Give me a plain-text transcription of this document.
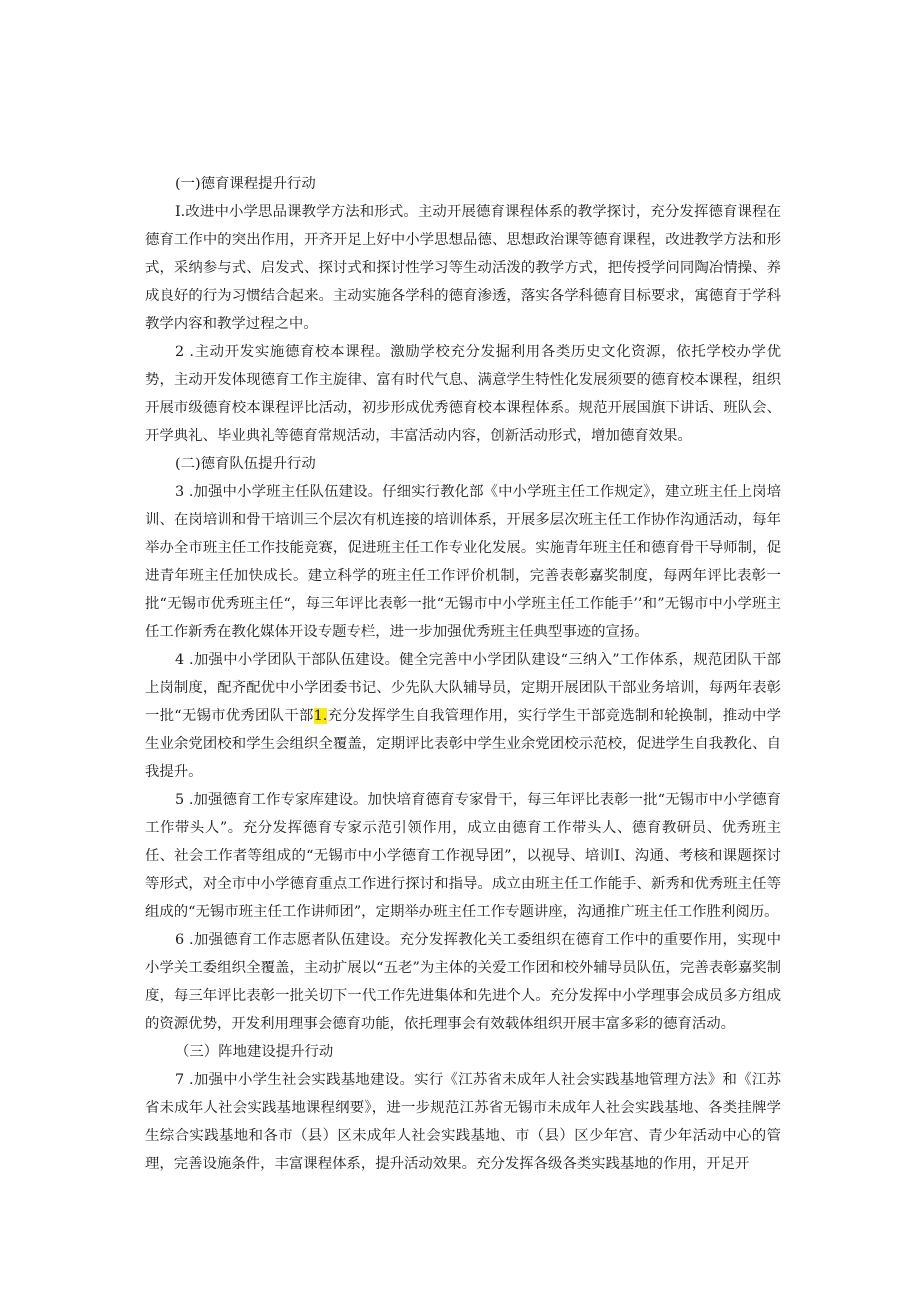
(一)德育课程提升行动

I.改进中小学思品课教学方法和形式。主动开展德育课程体系的教学探讨，充分发挥德育课程在德育工作中的突出作用，开齐开足上好中小学思想品德、思想政治课等德育课程，改进教学方法和形式，采纳参与式、启发式、探讨式和探讨性学习等生动活泼的教学方式，把传授学问同陶冶情操、养成良好的行为习惯结合起来。主动实施各学科的德育渗透，落实各学科德育目标要求，寓德育于学科教学内容和教学过程之中。

2 .主动开发实施德育校本课程。激励学校充分发掘利用各类历史文化资源，依托学校办学优势，主动开发体现德育工作主旋律、富有时代气息、满意学生特性化发展须要的德育校本课程，组织开展市级德育校本课程评比活动，初步形成优秀德育校本课程体系。规范开展国旗下讲话、班队会、开学典礼、毕业典礼等德育常规活动，丰富活动内容，创新活动形式，增加德育效果。

(二)德育队伍提升行动

3 .加强中小学班主任队伍建设。仔细实行教化部《中小学班主任工作规定》，建立班主任上岗培训、在岗培训和骨干培训三个层次有机连接的培训体系，开展多层次班主任工作协作沟通活动，每年举办全市班主任工作技能竞赛，促进班主任工作专业化发展。实施青年班主任和德育骨干导师制，促进青年班主任加快成长。建立科学的班主任工作评价机制，完善表彰嘉奖制度，每两年评比表彰一批“无锡市优秀班主任“，每三年评比表彰一批“无锡市中小学班主任工作能手’’和”无锡市中小学班主任工作新秀在教化媒体开设专题专栏，进一步加强优秀班主任典型事迹的宣扬。

4 .加强中小学团队干部队伍建设。健全完善中小学团队建设“三纳入”工作体系，规范团队干部上岗制度，配齐配优中小学团委书记、少先队大队辅导员，定期开展团队干部业务培训，每两年表彰一批“无锡市优秀团队干部1.充分发挥学生自我管理作用，实行学生干部竞选制和轮换制，推动中学生业余党团校和学生会组织全覆盖，定期评比表彰中学生业余党团校示范校，促进学生自我教化、自我提升。

5 .加强德育工作专家库建设。加快培育德育专家骨干，每三年评比表彰一批“无锡市中小学德育工作带头人”。充分发挥德育专家示范引领作用，成立由德育工作带头人、德育教研员、优秀班主任、社会工作者等组成的“无锡市中小学德育工作视导团”，以视导、培训I、沟通、考核和课题探讨等形式，对全市中小学德育重点工作进行探讨和指导。成立由班主任工作能手、新秀和优秀班主任等组成的“无锡市班主任工作讲师团”，定期举办班主任工作专题讲座，沟通推广班主任工作胜利阅历。

6 .加强德育工作志愿者队伍建设。充分发挥教化关工委组织在德育工作中的重要作用，实现中小学关工委组织全覆盖，主动扩展以“五老”为主体的关爱工作团和校外辅导员队伍，完善表彰嘉奖制度，每三年评比表彰一批关切下一代工作先进集体和先进个人。充分发挥中小学理事会成员多方组成的资源优势，开发利用理事会德育功能，依托理事会有效载体组织开展丰富多彩的德育活动。

（三）阵地建设提升行动

7 .加强中小学生社会实践基地建设。实行《江苏省未成年人社会实践基地管理方法》和《江苏省未成年人社会实践基地课程纲要》，进一步规范江苏省无锡市未成年人社会实践基地、各类挂牌学生综合实践基地和各市（县）区未成年人社会实践基地、市（县）区少年宫、青少年活动中心的管理，完善设施条件，丰富课程体系，提升活动效果。充分发挥各级各类实践基地的作用，开足开
